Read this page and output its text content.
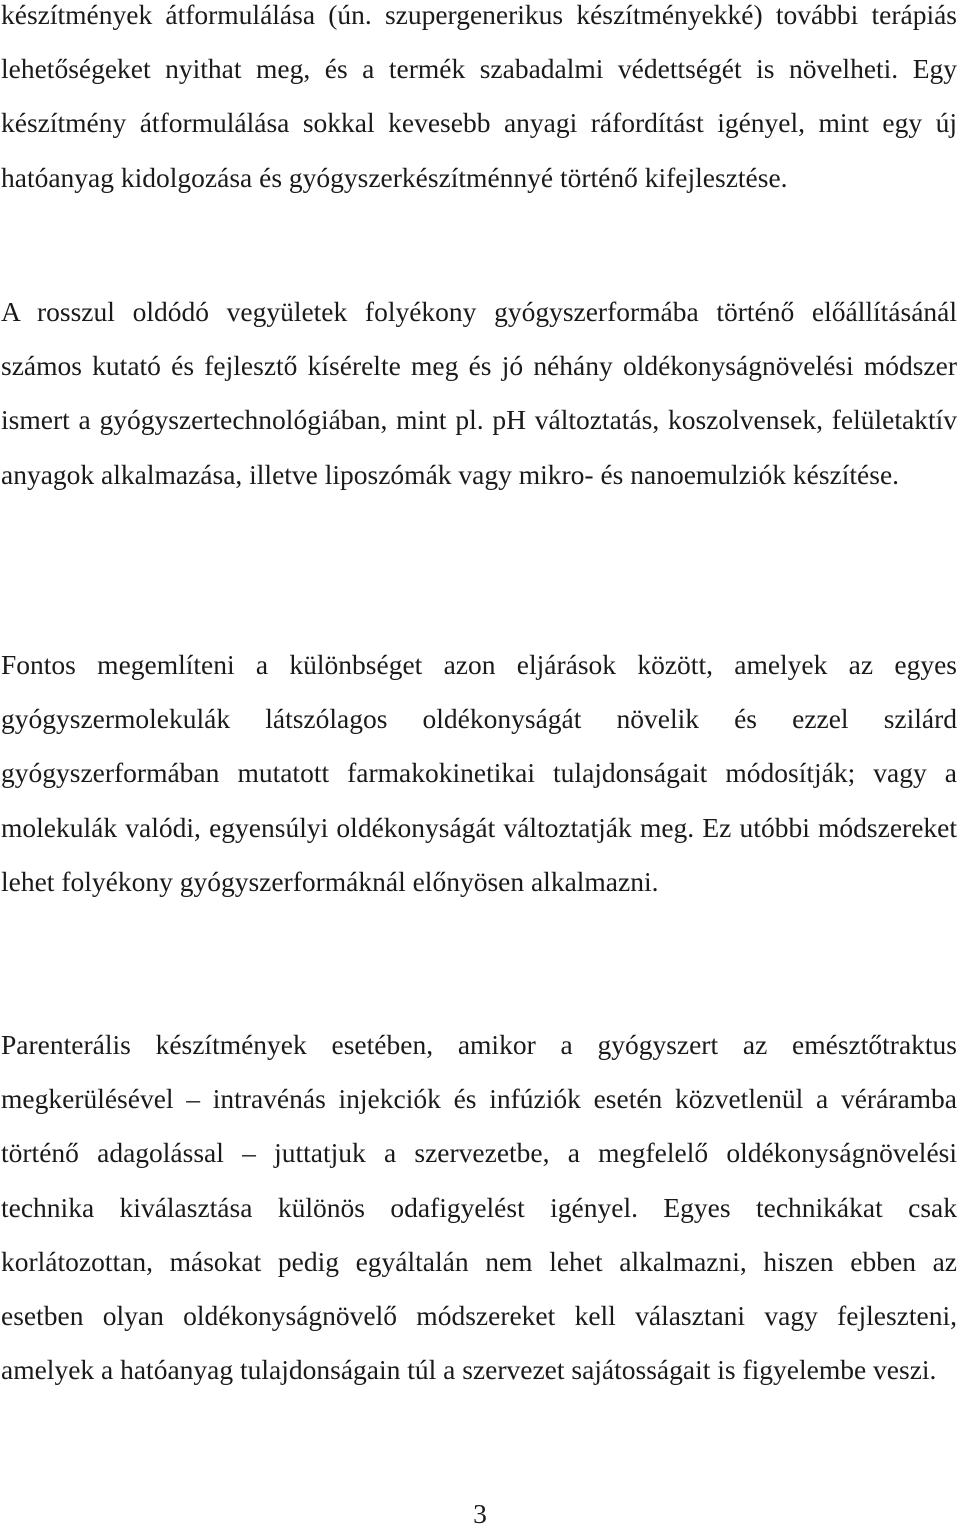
készítmények átformulálása (ún. szupergenerikus készítményekké) további terápiás lehetőségeket nyithat meg, és a termék szabadalmi védettségét is növelheti. Egy készítmény átformulálása sokkal kevesebb anyagi ráfordítást igényel, mint egy új hatóanyag kidolgozása és gyógyszerkészítménnyé történő kifejlesztése.

A rosszul oldódó vegyületek folyékony gyógyszerformába történő előállításánál számos kutató és fejlesztő kísérelte meg és jó néhány oldékonyságnövelési módszer ismert a gyógyszertechnológiában, mint pl. pH változtatás, koszolvensek, felületaktív anyagok alkalmazása, illetve liposzómák vagy mikro- és nanoemulziók készítése.

Fontos megemlíteni a különbséget azon eljárások között, amelyek az egyes gyógyszermolekulák látszólagos oldékonyságát növelik és ezzel szilárd gyógyszerformában mutatott farmakokinetikai tulajdonságait módosítják; vagy a molekulák valódi, egyensúlyi oldékonyságát változtatják meg. Ez utóbbi módszereket lehet folyékony gyógyszerformáknál előnyösen alkalmazni.

Parenterális készítmények esetében, amikor a gyógyszert az emésztőtraktus megkerülésével – intravénás injekciók és infúziók esetén közvetlenül a véráramba történő adagolással – juttatjuk a szervezetbe, a megfelelő oldékonyságnövelési technika kiválasztása különös odafigyelést igényel. Egyes technikákat csak korlátozottan, másokat pedig egyáltalán nem lehet alkalmazni, hiszen ebben az esetben olyan oldékonyságnövelő módszereket kell választani vagy fejleszteni, amelyek a hatóanyag tulajdonságain túl a szervezet sajátosságait is figyelembe veszi.

3
